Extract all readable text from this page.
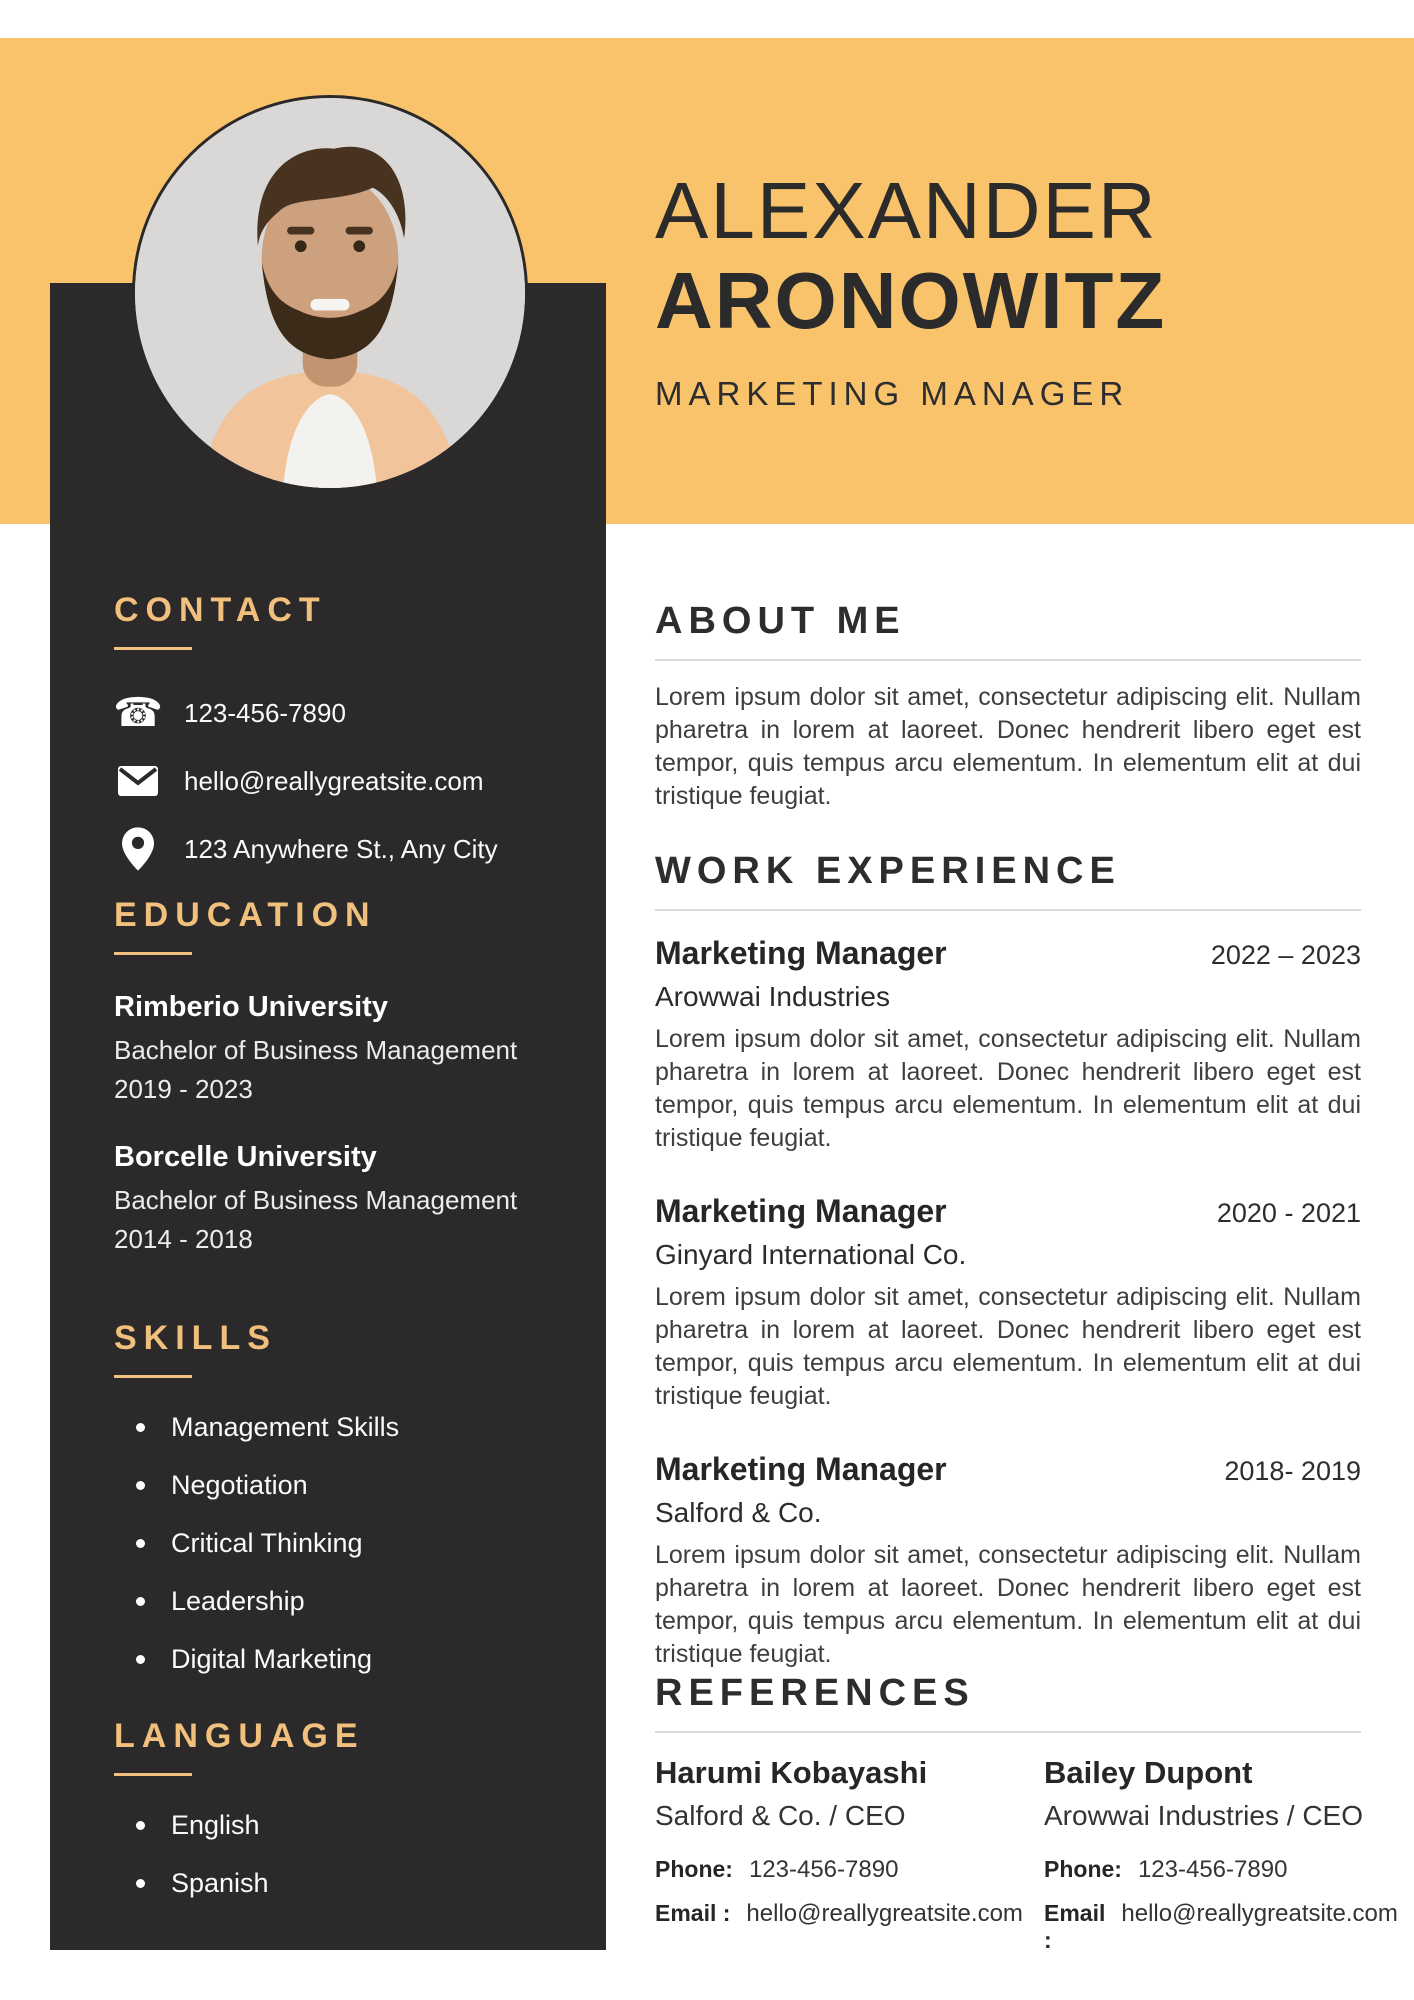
ALEXANDER
ARONOWITZ
MARKETING MANAGER
CONTACT
☎ 123-456-7890
hello@reallygreatsite.com
123 Anywhere St., Any City
EDUCATION
Rimberio University
Bachelor of Business Management
2019 - 2023
Borcelle University
Bachelor of Business Management
2014 - 2018
SKILLS
Management Skills
Negotiation
Critical Thinking
Leadership
Digital Marketing
LANGUAGE
English
Spanish
ABOUT ME
Lorem ipsum dolor sit amet, consectetur adipiscing elit. Nullam pharetra in lorem at laoreet. Donec hendrerit libero eget est tempor, quis tempus arcu elementum. In elementum elit at dui tristique feugiat.
WORK EXPERIENCE
Marketing Manager	2022 – 2023
Arowwai Industries
Lorem ipsum dolor sit amet, consectetur adipiscing elit. Nullam pharetra in lorem at laoreet. Donec hendrerit libero eget est tempor, quis tempus arcu elementum. In elementum elit at dui tristique feugiat.
Marketing Manager	2020 - 2021
Ginyard International Co.
Lorem ipsum dolor sit amet, consectetur adipiscing elit. Nullam pharetra in lorem at laoreet. Donec hendrerit libero eget est tempor, quis tempus arcu elementum. In elementum elit at dui tristique feugiat.
Marketing Manager	2018- 2019
Salford & Co.
Lorem ipsum dolor sit amet, consectetur adipiscing elit. Nullam pharetra in lorem at laoreet. Donec hendrerit libero eget est tempor, quis tempus arcu elementum. In elementum elit at dui tristique feugiat.
REFERENCES
Harumi Kobayashi
Salford & Co. / CEO
Phone: 123-456-7890
Email : hello@reallygreatsite.com
Bailey Dupont
Arowwai Industries / CEO
Phone: 123-456-7890
Email :
hello@reallygreatsite.com
